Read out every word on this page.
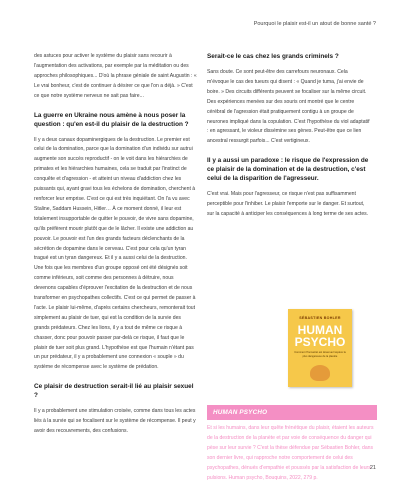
Pourquoi le plaisir est-il un atout de bonne santé ?

des astuces pour activer le système du plaisir sans recourir à l'augmentation des activations, par exemple par la méditation ou des approches philosophiques... D'où la phrase géniale de saint Augustin : « Le vrai bonheur, c'est de continuer à désirer ce que l'on a déjà. » C'est ce que notre système nerveux ne sait pas faire...

La guerre en Ukraine nous amène à nous poser la question : qu'en est-il du plaisir de la destruction ?

Il y a deux canaux dopaminergiques de la destruction. Le premier est celui de la domination, parce que la domination d'un individu sur autrui augmente son succès reproductif - on le voit dans les hiérarchies de primates et les hiérarchies humaines, cela se traduit par l'instinct de conquête et d'agression - et atteint un niveau d'addiction chez les puissants qui, ayant gravi tous les échelons de domination, cherchent à renforcer leur emprise. C'est ce qui est très inquiétant. On l'a vu avec Staline, Saddam Hussein, Hitler… À ce moment donné, il leur est totalement insupportable de quitter le pouvoir, de vivre sans dopamine, qu'ils préfèrent mourir plutôt que de le lâcher. Il existe une addiction au pouvoir. Le pouvoir est l'un des grands facteurs déclenchants de la sécrétion de dopamine dans le cerveau. C'est pour cela qu'un tyran tragué est un tyran dangereux. Et il y a aussi celui de la destruction. Une fois que les membres d'un groupe opposé ont été désignés soit comme inférieurs, soit comme des personnes à détruire, nous devenons capables d'éprouver l'excitation de la destruction et de nous transformer en psychopathes collectifs. C'est ce qui permet de passer à l'acte. Le plaisir lui-même, d'après certains chercheurs, remonterait tout simplement au plaisir de tuer, qui est la condition de la survie des grands prédateurs. Chez les lions, il y a tout de même ce risque à chasser, donc pour pouvoir passer par-delà ce risque, il faut que le plaisir de tuer soit plus grand. L'hypothèse est que l'humain n'étant pas un pur prédateur, il y a probablement une connexion « souple » du système de récompense avec le système de prédation.

Ce plaisir de destruction serait-il lié au plaisir sexuel ?

Il y a probablement une stimulation croisée, comme dans tous les actes liés à la survie qui se focalisent sur le système de récompense. Il peut y avoir des recouvrements, des confusions.

Serait-ce le cas chez les grands criminels ?

Sans doute. Ce sont peut-être des carrefours neuronaux. Cela m'évoque le cas des tueurs qui disent : « Quand je tuma, j'ai envie de boire. » Des circuits différents peuvent se focaliser sur la même circuit. Des expériences menées sur des souris ont montré que le centre cérébral de l'agression était pratiquement contigu à un groupe de neurones impliqué dans la copulation. C'est l'hypothèse du viol adaptatif : en agressant, le violeur dissémine ses gènes. Peut-être que ce lien ancestral ressurgit parfois... C'est vertigineux.

Il y a aussi un paradoxe : le risque de l'expression de ce plaisir de la domination et de la destruction, c'est celui de la disparition de l'agresseur.

C'est vrai. Mais pour l'agresseur, ce risque n'est pas suffisamment perceptible pour l'inhiber. Le plaisir l'emporte sur le danger. Et surtout, sur la capacité à anticiper les conséquences à long terme de ses actes.

SÉBASTIEN BOHLER
HUMAN
PSYCHO
Comment l'humanité est devenue l'espèce la plus dangereuse de la planète
HUMAN PSYCHO

Et si les humains, dans leur quête frénétique du plaisir, étaient les auteurs de la destruction de la planète et par voie de conséquence du danger qui pèse sur leur survie ? C'est la thèse défendue par Sébastien Bohler, dans son dernier livre, qui rapproche notre comportement de celui des psychopathes, dénués d'empathie et poussés par la satisfaction de leurs pulsions. Human psycho, Bouquins, 2022, 279 p.

21
